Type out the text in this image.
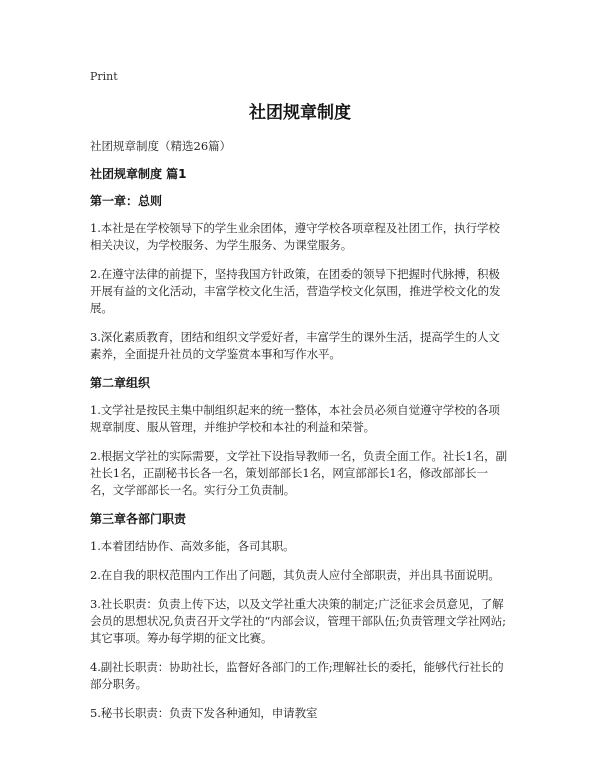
Print
社团规章制度

社团规章制度（精选26篇）

社团规章制度 篇1
第一章：总则

1.本社是在学校领导下的学生业余团体，遵守学校各项章程及社团工作，执行学校相关决议，为学校服务、为学生服务、为课堂服务。

2.在遵守法律的前提下，坚持我国方针政策，在团委的领导下把握时代脉搏，积极开展有益的文化活动，丰富学校文化生活，营造学校文化氛围，推进学校文化的发展。

3.深化素质教育，团结和组织文学爱好者，丰富学生的课外生活，提高学生的人文素养，全面提升社员的文学鉴赏本事和写作水平。

第二章组织

1.文学社是按民主集中制组织起来的统一整体，本社会员必须自觉遵守学校的各项规章制度、服从管理，并维护学校和本社的利益和荣誉。

2.根据文学社的实际需要，文学社下设指导教师一名，负责全面工作。社长1名，副社长1名，正副秘书长各一名，策划部部长1名，网宣部部长1名，修改部部长一名，文学部部长一名。实行分工负责制。

第三章各部门职责

1.本着团结协作、高效多能，各司其职。

2.在自我的职权范围内工作出了问题，其负责人应付全部职责，并出具书面说明。

3.社长职责：负责上传下达，以及文学社重大决策的制定;广泛征求会员意见，了解会员的思想状况,负责召开文学社的“内部会议，管理干部队伍;负责管理文学社网站;其它事项。筹办每学期的征文比赛。

4.副社长职责：协助社长，监督好各部门的工作;理解社长的委托，能够代行社长的部分职务。

5.秘书长职责：负责下发各种通知，申请教室
